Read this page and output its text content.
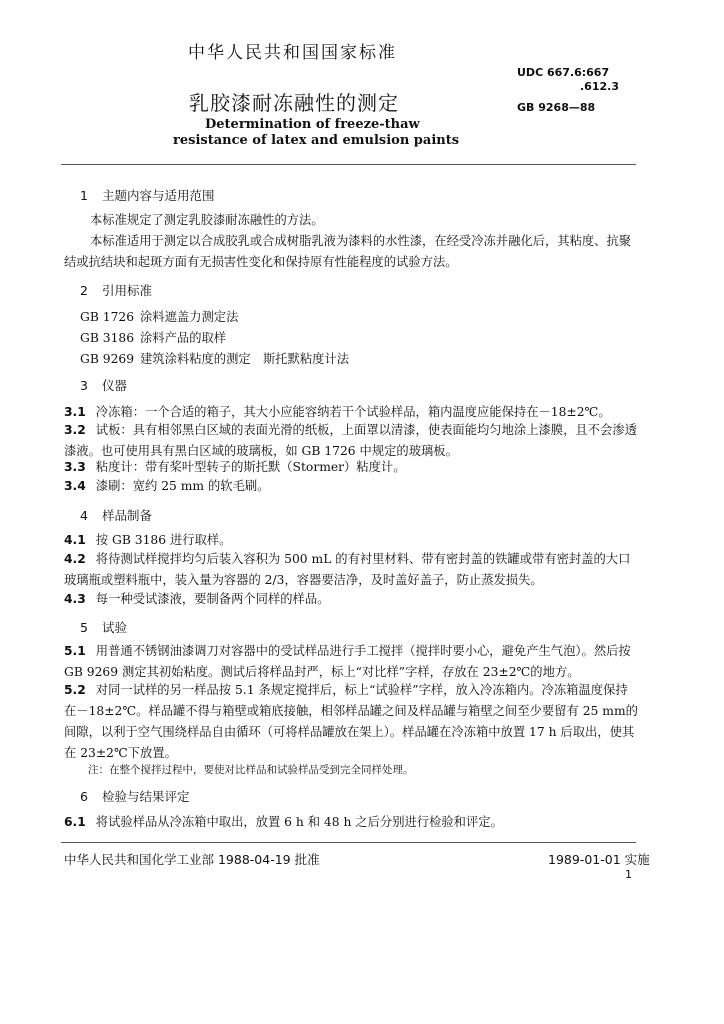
中华人民共和国国家标准
UDC 667.6:667
.612.3
乳胶漆耐冻融性的测定	GB 9268—88
Determination of freeze-thaw
resistance of latex and emulsion paints
1 主题内容与适用范围
本标准规定了测定乳胶漆耐冻融性的方法。
本标准适用于测定以合成胶乳或合成树脂乳液为漆料的水性漆，在经受冷冻并融化后，其粘度、抗聚结或抗结块和起斑方面有无损害性变化和保持原有性能程度的试验方法。
2 引用标准
GB 1726 涂料遮盖力测定法
GB 3186 涂料产品的取样
GB 9269 建筑涂料粘度的测定　斯托默粘度计法
3 仪器
3.1 冷冻箱：一个合适的箱子，其大小应能容纳若干个试验样品，箱内温度应能保持在－18±2℃。
3.2 试板：具有相邻黑白区域的表面光滑的纸板，上面罩以清漆，使表面能均匀地涂上漆膜，且不会渗透漆液。也可使用具有黑白区域的玻璃板，如 GB 1726 中规定的玻璃板。
3.3 粘度计：带有桨叶型转子的斯托默（Stormer）粘度计。
3.4 漆刷：宽约 25 mm 的软毛刷。
4 样品制备
4.1 按 GB 3186 进行取样。
4.2 将待测试样搅拌均匀后装入容积为 500 mL 的有衬里材料、带有密封盖的铁罐或带有密封盖的大口玻璃瓶或塑料瓶中，装入量为容器的 2/3，容器要洁净，及时盖好盖子，防止蒸发损失。
4.3 每一种受试漆液，要制备两个同样的样品。
5 试验
5.1 用普通不锈钢油漆调刀对容器中的受试样品进行手工搅拌（搅拌时要小心，避免产生气泡）。然后按 GB 9269 测定其初始粘度。测试后将样品封严，标上“对比样”字样，存放在 23±2℃的地方。
5.2 对同一试样的另一样品按 5.1 条规定搅拌后，标上“试验样”字样，放入冷冻箱内。冷冻箱温度保持在－18±2℃。样品罐不得与箱壁或箱底接触，相邻样品罐之间及样品罐与箱壁之间至少要留有 25 mm的间隙，以利于空气围绕样品自由循环（可将样品罐放在架上）。样品罐在冷冻箱中放置 17 h 后取出，使其在 23±2℃下放置。
注：在整个搅拌过程中，要使对比样品和试验样品受到完全同样处理。
6 检验与结果评定
6.1 将试验样品从冷冻箱中取出，放置 6 h 和 48 h 之后分别进行检验和评定。
中华人民共和国化学工业部 1988-04-19 批准	1989-01-01 实施
1
